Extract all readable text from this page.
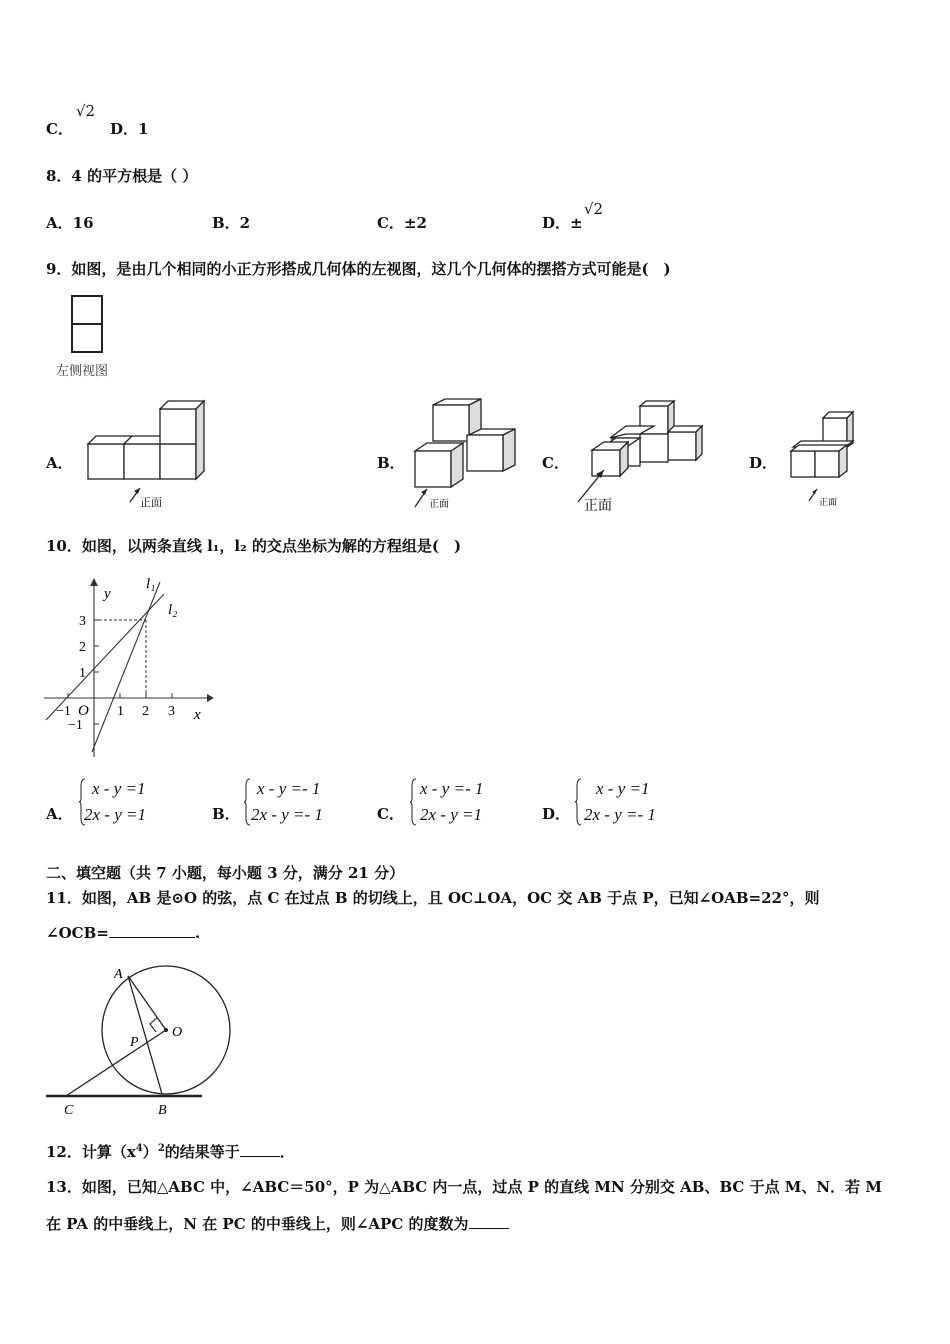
C．
√2
D．1
8．4 的平方根是（ ）
A．16	B．2	C．±2	D．±
√2
9．如图，是由几个相同的小正方形搭成几何体的左视图，这几个几何体的摆搭方式可能是(　)
左侧视图
A．
正面
B．
正面
C．
正面
D．
正面
10．如图，以两条直线 l₁，l₂ 的交点坐标为解的方程组是(　)
y
x
l₁
l₂
O
−1	1 2 3
3
2
1
−1
A．
x - y =1
2x - y =1	B．
x - y =- 1
2x - y =- 1	C．
x - y =- 1
2x - y =1	D．
x - y =1
2x - y =- 1
二、填空题（共 7 小题，每小题 3 分，满分 21 分）
11．如图，AB 是⊙O 的弦，点 C 在过点 B 的切线上，且 OC⊥OA，OC 交 AB 于点 P，已知∠OAB=22°，则
∠OCB=	.
A
O
P
C	B
12．计算$(x^4)^2$的结果等于	．
13．如图，已知△ABC 中，∠ABC＝50°，P 为△ABC 内一点，过点 P 的直线 MN 分别交 AB、BC 于点 M、N．若 M
在 PA 的中垂线上，N 在 PC 的中垂线上，则∠APC 的度数为
